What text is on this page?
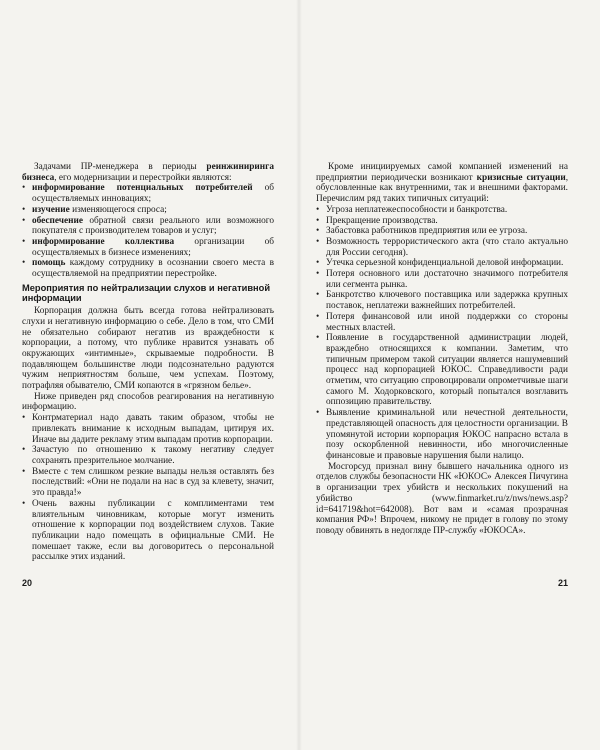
Задачами ПР-менеджера в периоды реинжиниринга бизнеса, его модернизации и перестройки являются:

• информирование потенциальных потребителей об осуществляемых инновациях;
• изучение изменяющегося спроса;
• обеспечение обратной связи реального или возможного покупателя с производителем товаров и услуг;
• информирование коллектива организации об осуществляемых в бизнесе изменениях;
• помощь каждому сотруднику в осознании своего места в осуществляемой на предприятии перестройке.
Мероприятия по нейтрализации слухов и негативной информации

Корпорация должна быть всегда готова нейтрализовать слухи и негативную информацию о себе. Дело в том, что СМИ не обязательно собирают негатив из враждебности к корпорации, а потому, что публике нравится узнавать об окружающих «интимные», скрываемые подробности. В подавляющем большинстве люди подсознательно радуются чужим неприятностям больше, чем успехам. Поэтому, потрафляя обывателю, СМИ копаются в «грязном белье».

Ниже приведен ряд способов реагирования на негативную информацию.

• Контрматериал надо давать таким образом, чтобы не привлекать внимание к исходным выпадам, цитируя их. Иначе вы дадите рекламу этим выпадам против корпорации.
• Зачастую по отношению к такому негативу следует сохранять презрительное молчание.
• Вместе с тем слишком резкие выпады нельзя оставлять без последствий: «Они не подали на нас в суд за клевету, значит, это правда!»
• Очень важны публикации с комплиментами тем влиятельным чиновникам, которые могут изменить отношение к корпорации под воздействием слухов. Такие публикации надо помещать в официальные СМИ. Не помешает также, если вы договоритесь о персональной рассылке этих изданий.
20

Кроме инициируемых самой компанией изменений на предприятии периодически возникают кризисные ситуации, обусловленные как внутренними, так и внешними факторами. Перечислим ряд таких типичных ситуаций:

• Угроза неплатежеспособности и банкротства.
• Прекращение производства.
• Забастовка работников предприятия или ее угроза.
• Возможность террористического акта (что стало актуально для России сегодня).
• Утечка серьезной конфиденциальной деловой информации.
• Потеря основного или достаточно значимого потребителя или сегмента рынка.
• Банкротство ключевого поставщика или задержка крупных поставок, неплатежи важнейших потребителей.
• Потеря финансовой или иной поддержки со стороны местных властей.
• Появление в государственной администрации людей, враждебно относящихся к компании. Заметим, что типичным примером такой ситуации является нашумевший процесс над корпорацией ЮКОС. Справедливости ради отметим, что ситуацию спровоцировали опрометчивые шаги самого М. Ходорковского, который попытался возглавить оппозицию правительству.
• Выявление криминальной или нечестной деятельности, представляющей опасность для целостности организации. В упомянутой истории корпорация ЮКОС напрасно встала в позу оскорбленной невинности, ибо многочисленные финансовые и правовые нарушения были налицо.

Мосгорсуд признал вину бывшего начальника одного из отделов службы безопасности НК «ЮКОС» Алексея Пичугина в организации трех убийств и нескольких покушений на убийство (www.finmarket.ru/z/nws/news.asp?id=641719&hot=642008). Вот вам и «самая прозрачная компания РФ»! Впрочем, никому не придет в голову по этому поводу обвинять в недогляде ПР-службу «ЮКОСА».

21
